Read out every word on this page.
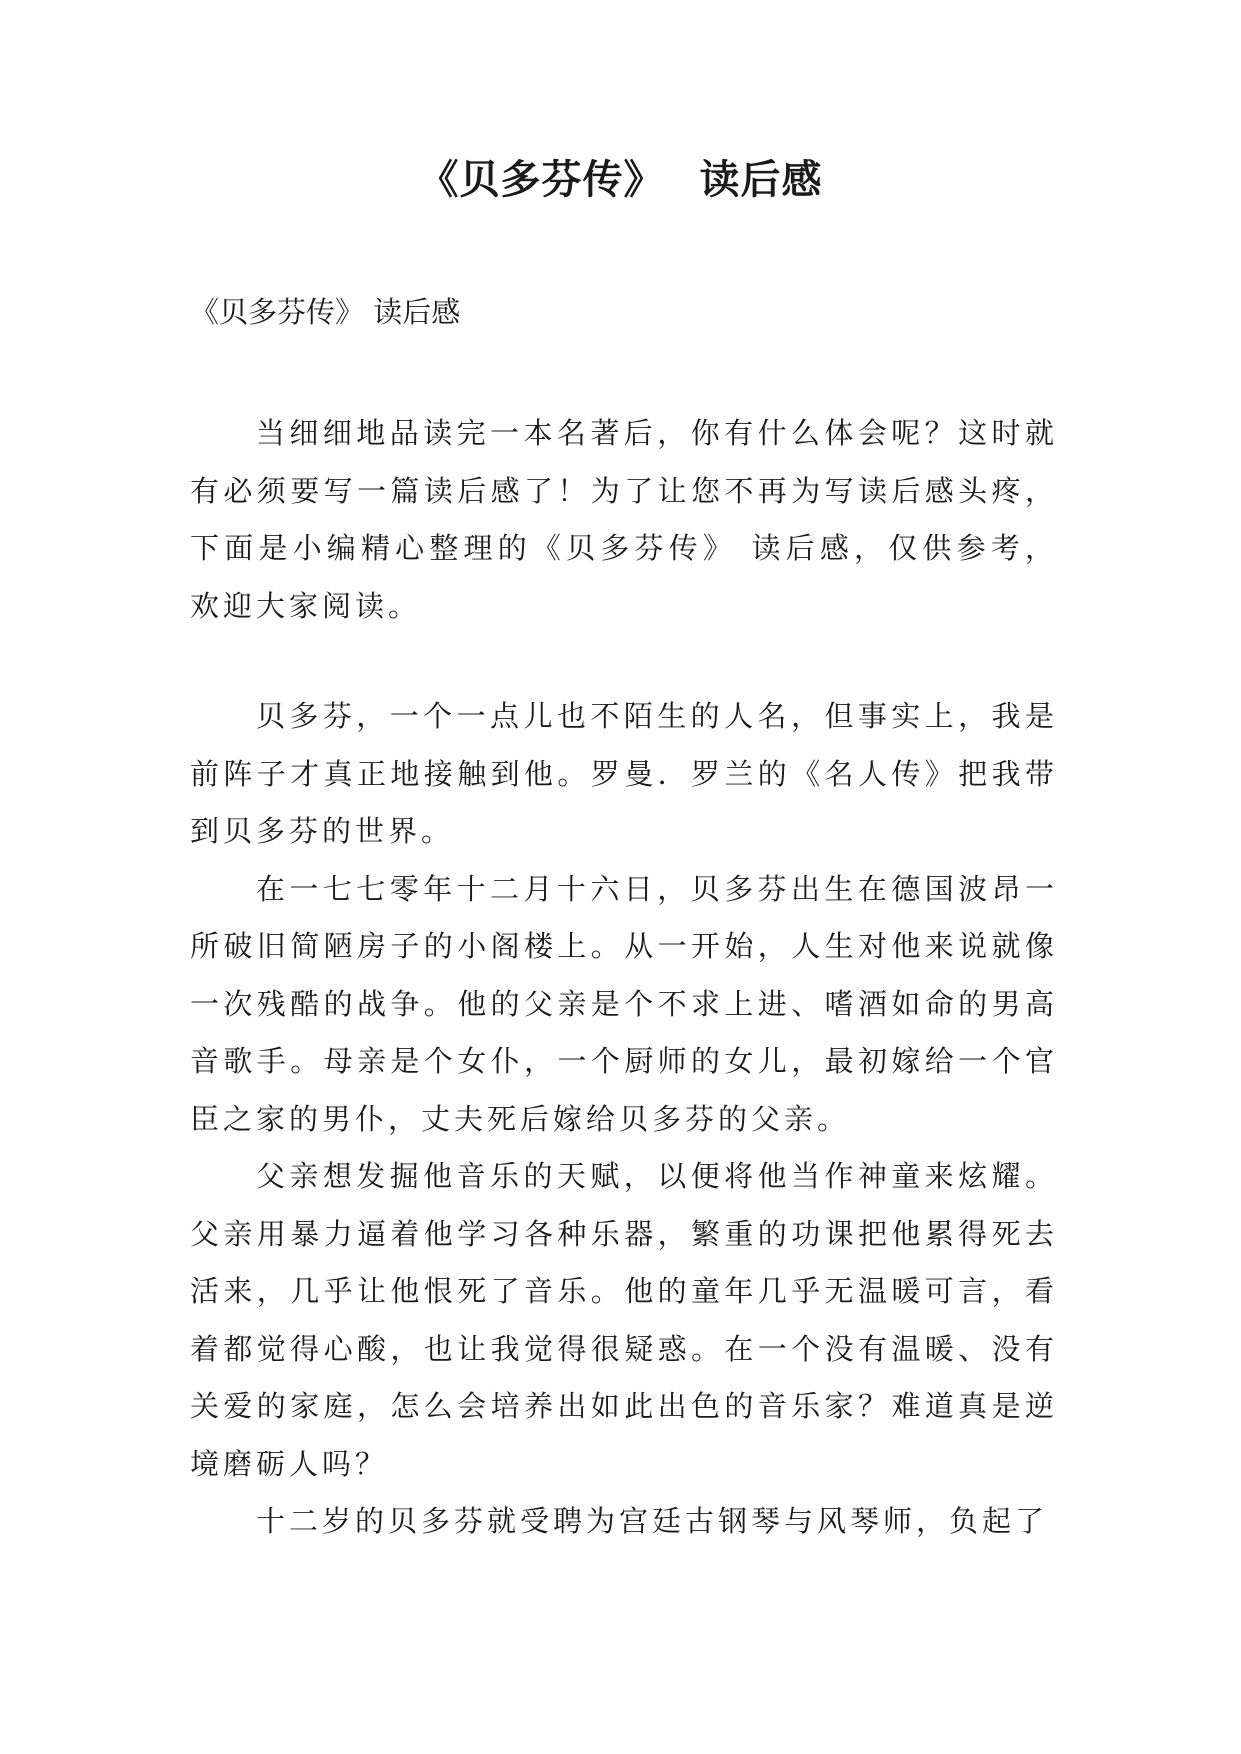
《贝多芬传》 读后感
《贝多芬传》 读后感

当细细地品读完一本名著后，你有什么体会呢？这时就有必须要写一篇读后感了！为了让您不再为写读后感头疼，下面是小编精心整理的《贝多芬传》 读后感，仅供参考，欢迎大家阅读。

贝多芬，一个一点儿也不陌生的人名，但事实上，我是前阵子才真正地接触到他。罗曼．罗兰的《名人传》把我带到贝多芬的世界。

在一七七零年十二月十六日，贝多芬出生在德国波昂一所破旧简陋房子的小阁楼上。从一开始，人生对他来说就像一次残酷的战争。他的父亲是个不求上进、嗜酒如命的男高音歌手。母亲是个女仆，一个厨师的女儿，最初嫁给一个官臣之家的男仆，丈夫死后嫁给贝多芬的父亲。

父亲想发掘他音乐的天赋，以便将他当作神童来炫耀。父亲用暴力逼着他学习各种乐器，繁重的功课把他累得死去活来，几乎让他恨死了音乐。他的童年几乎无温暖可言，看着都觉得心酸，也让我觉得很疑惑。在一个没有温暖、没有关爱的家庭，怎么会培养出如此出色的音乐家？难道真是逆境磨砺人吗？

十二岁的贝多芬就受聘为宫廷古钢琴与风琴师，负起了
